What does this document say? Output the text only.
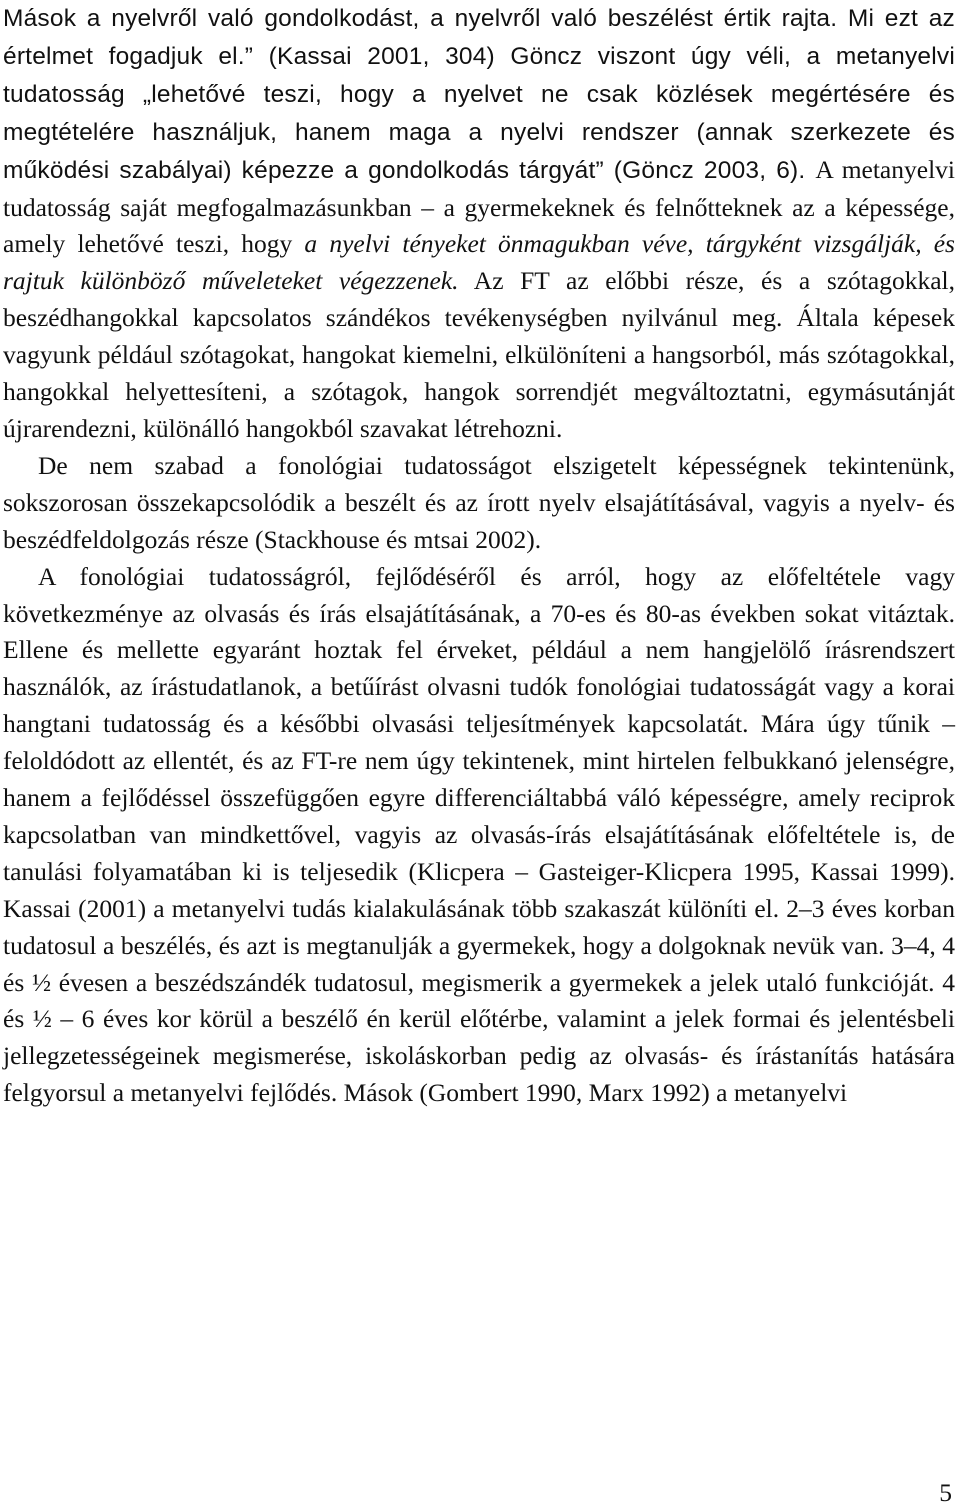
Mások a nyelvről való gondolkodást, a nyelvről való beszélést értik rajta. Mi ezt az értelmet fogadjuk el.” (Kassai 2001, 304) Göncz viszont úgy véli, a metanyelvi tudatosság „lehetővé teszi, hogy a nyelvet ne csak közlések megértésére és megtételére használjuk, hanem maga a nyelvi rendszer (annak szerkezete és működési szabályai) képezze a gondolkodás tárgyát” (Göncz 2003, 6). A metanyelvi tudatosság saját megfogalmazásunkban – a gyermekeknek és felnőtteknek az a képessége, amely lehetővé teszi, hogy a nyelvi tényeket önmagukban véve, tárgyként vizsgálják, és rajtuk különböző műveleteket végezzenek. Az FT az előbbi része, és a szótagokkal, beszédhangokkal kapcsolatos szándékos tevékenységben nyilvánul meg. Általa képesek vagyunk például szótagokat, hangokat kiemelni, elkülöníteni a hangsorból, más szótagokkal, hangokkal helyettesíteni, a szótagok, hangok sorrendjét megváltoztatni, egymásutánját újrarendezni, különálló hangokból szavakat létrehozni.

De nem szabad a fonológiai tudatosságot elszigetelt képességnek tekintenünk, sokszorosan összekapcsolódik a beszélt és az írott nyelv elsajátításával, vagyis a nyelv- és beszédfeldolgozás része (Stackhouse és mtsai 2002).

A fonológiai tudatosságról, fejlődéséről és arról, hogy az előfeltétele vagy következménye az olvasás és írás elsajátításának, a 70-es és 80-as években sokat vitáztak. Ellene és mellette egyaránt hoztak fel érveket, például a nem hangjelölő írásrendszert használók, az írástudatlanok, a betűírást olvasni tudók fonológiai tudatosságát vagy a korai hangtani tudatosság és a későbbi olvasási teljesítmények kapcsolatát. Mára úgy tűnik – feloldódott az ellentét, és az FT-re nem úgy tekintenek, mint hirtelen felbukkanó jelenségre, hanem a fejlődéssel összefüggően egyre differenciáltabbá váló képességre, amely reciprok kapcsolatban van mindkettővel, vagyis az olvasás-írás elsajátításának előfeltétele is, de tanulási folyamatában ki is teljesedik (Klicpera – Gasteiger-Klicpera 1995, Kassai 1999). Kassai (2001) a metanyelvi tudás kialakulásának több szakaszát különíti el. 2–3 éves korban tudatosul a beszélés, és azt is megtanulják a gyermekek, hogy a dolgoknak nevük van. 3–4, 4 és ½ évesen a beszédszándék tudatosul, megismerik a gyermekek a jelek utaló funkcióját. 4 és ½ – 6 éves kor körül a beszélő én kerül előtérbe, valamint a jelek formai és jelentésbeli jellegzetességeinek megismerése, iskoláskorban pedig az olvasás- és írástanítás hatására felgyorsul a metanyelvi fejlődés. Mások (Gombert 1990, Marx 1992) a metanyelvi

5
